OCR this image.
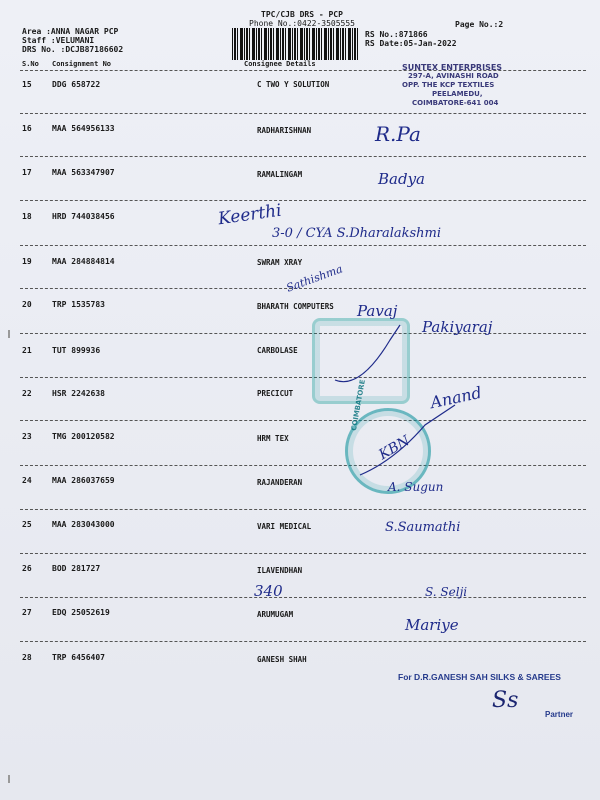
Area :ANNA NAGAR PCP
Staff :VELUMANI
DRS No. :DCJB87186602
TPC/CJB DRS - PCP
Phone No.:0422-3505555
RS No.:871866
RS Date:05-Jan-2022
Page No.:2
S.No Consignment No	Consignee Details
15	DDG 658722	C TWO Y SOLUTION
16	MAA 564956133	RADHARISHNAN
17	MAA 563347907	RAMALINGAM
18	HRD 744038456
19	MAA 284884814	SWRAM XRAY
20	TRP 1535783	BHARATH COMPUTERS
21	TUT 899936	CARBOLASE
22	HSR 2242638	PRECICUT
23	TMG 200120582	HRM TEX
24	MAA 286037659	RAJANDERAN
25	MAA 283043000	VARI MEDICAL
26	BOD 281727	ILAVENDHAN
27	EDQ 25052619	ARUMUGAM
28	TRP 6456407	GANESH SHAH
SUNTEX ENTERPRISES
297-A, AVINASHI ROAD
OPP. THE KCP TEXTILES
PEELAMEDU,
COIMBATORE-641 004
COIMBATORE
R.Pa
Badya
Keerthi
3-0 / CYA S.Dharalakshmi
Sathishma
Pavaj
Pakiyaraj
Anand
KBN
A. Sugun
S.Saumathi
340	S. Selji
Mariye
For D.R.GANESH SAH SILKS & SAREES
Ss
Partner
